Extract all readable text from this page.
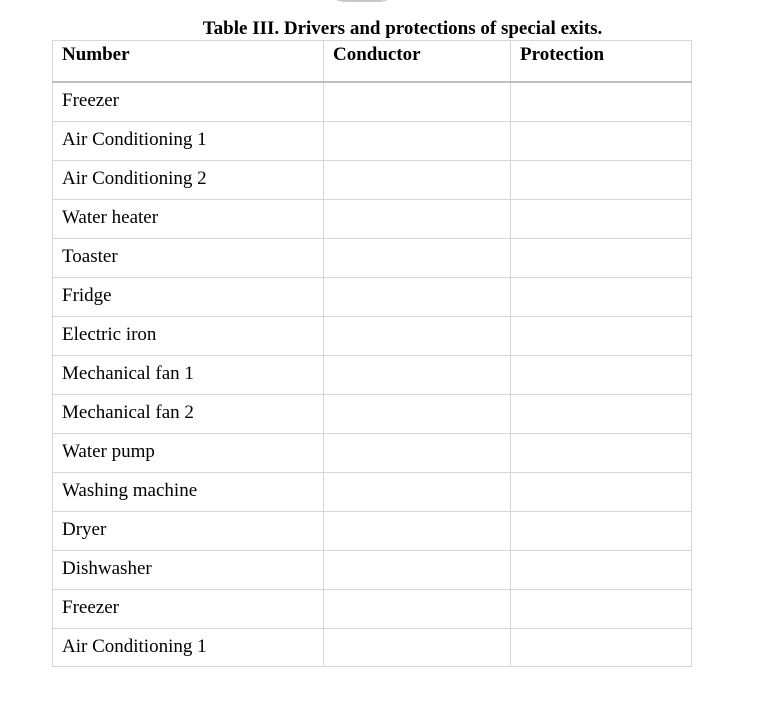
Table III. Drivers and protections of special exits.
Number	Conductor	Protection
Freezer		
Air Conditioning 1		
Air Conditioning 2		
Water heater		
Toaster		
Fridge		
Electric iron		
Mechanical fan 1		
Mechanical fan 2		
Water pump		
Washing machine		
Dryer		
Dishwasher		
Freezer		
Air Conditioning 1		
